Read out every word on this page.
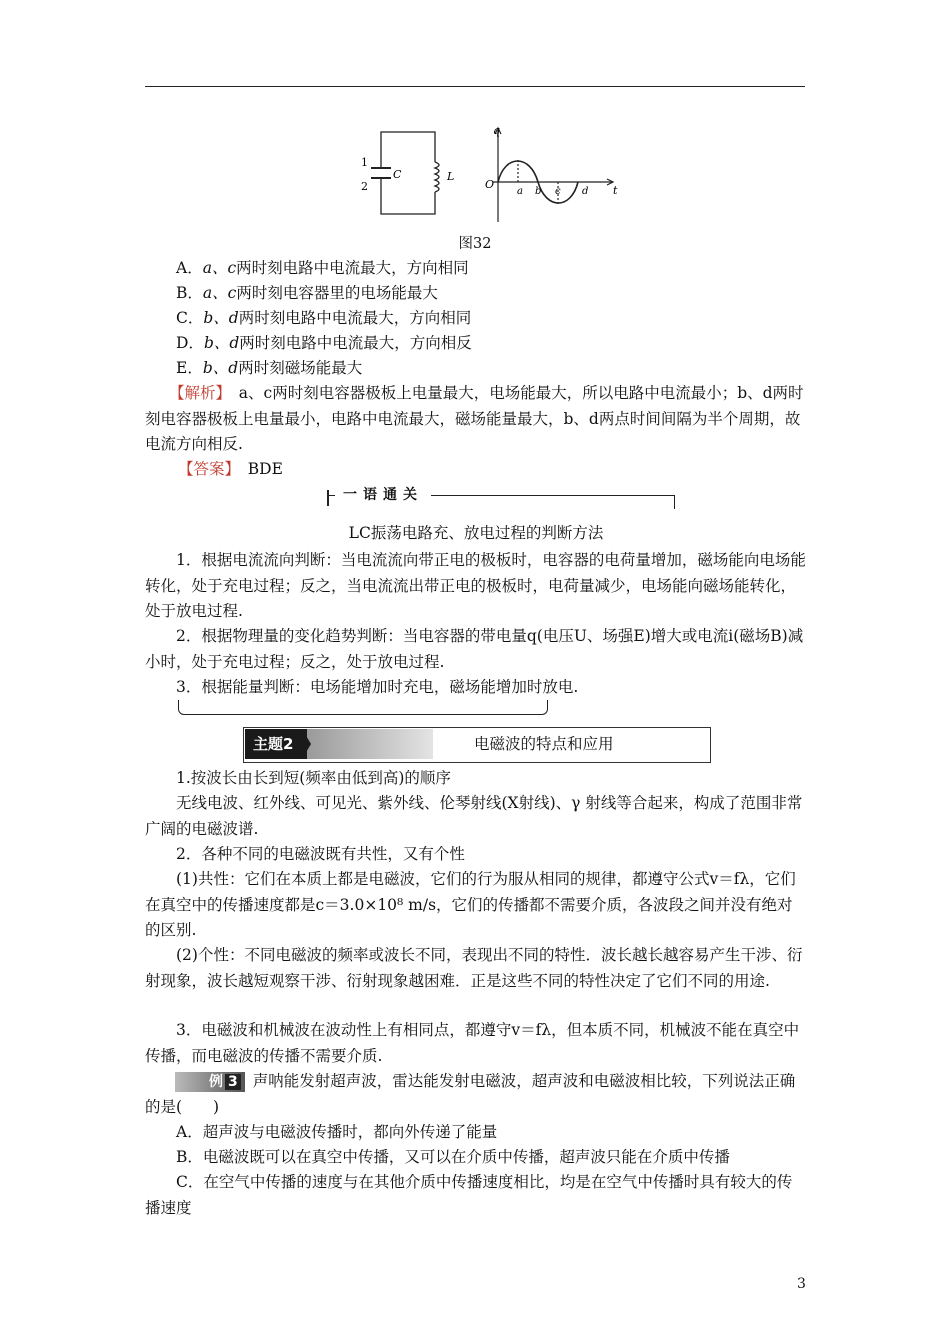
1
2
C	L
q
O	t
a b c d
图32
A．a、c两时刻电路中电流最大，方向相同
B．a、c两时刻电容器里的电场能最大
C．b、d两时刻电路中电流最大，方向相同
D．b、d两时刻电路中电流最大，方向相反
E．b、d两时刻磁场能最大

【解析】　a、c两时刻电容器极板上电量最大，电场能最大，所以电路中电流最小；b、d两时刻电容器极板上电量最小，电路中电流最大，磁场能量最大，b、d两点时间间隔为半个周期，故电流方向相反.

【答案】　 BDE

一语通关

LC振荡电路充、放电过程的判断方法

1．根据电流流向判断：当电流流向带正电的极板时，电容器的电荷量增加，磁场能向电场能转化，处于充电过程；反之，当电流流出带正电的极板时，电荷量减少，电场能向磁场能转化，处于放电过程.

2．根据物理量的变化趋势判断：当电容器的带电量q(电压U、场强E)增大或电流i(磁场B)减小时，处于充电过程；反之，处于放电过程.

3．根据能量判断：电场能增加时充电，磁场能增加时放电.

主题2	电磁波的特点和应用

1.按波长由长到短(频率由低到高)的顺序

无线电波、红外线、可见光、紫外线、伦琴射线(X射线)、γ 射线等合起来，构成了范围非常广阔的电磁波谱.

2．各种不同的电磁波既有共性，又有个性

(1)共性：它们在本质上都是电磁波，它们的行为服从相同的规律，都遵守公式v＝fλ，它们在真空中的传播速度都是c＝3.0×10⁸ m/s，它们的传播都不需要介质，各波段之间并没有绝对的区别.

(2)个性：不同电磁波的频率或波长不同，表现出不同的特性．波长越长越容易产生干涉、衍射现象，波长越短观察干涉、衍射现象越困难．正是这些不同的特性决定了它们不同的用途.

3．电磁波和机械波在波动性上有相同点，都遵守v＝fλ，但本质不同，机械波不能在真空中传播，而电磁波的传播不需要介质.

例 3 声呐能发射超声波，雷达能发射电磁波，超声波和电磁波相比较，下列说法正确的是(　　)

A．超声波与电磁波传播时，都向外传递了能量

B．电磁波既可以在真空中传播，又可以在介质中传播，超声波只能在介质中传播

C．在空气中传播的速度与在其他介质中传播速度相比，均是在空气中传播时具有较大的传播速度

3
